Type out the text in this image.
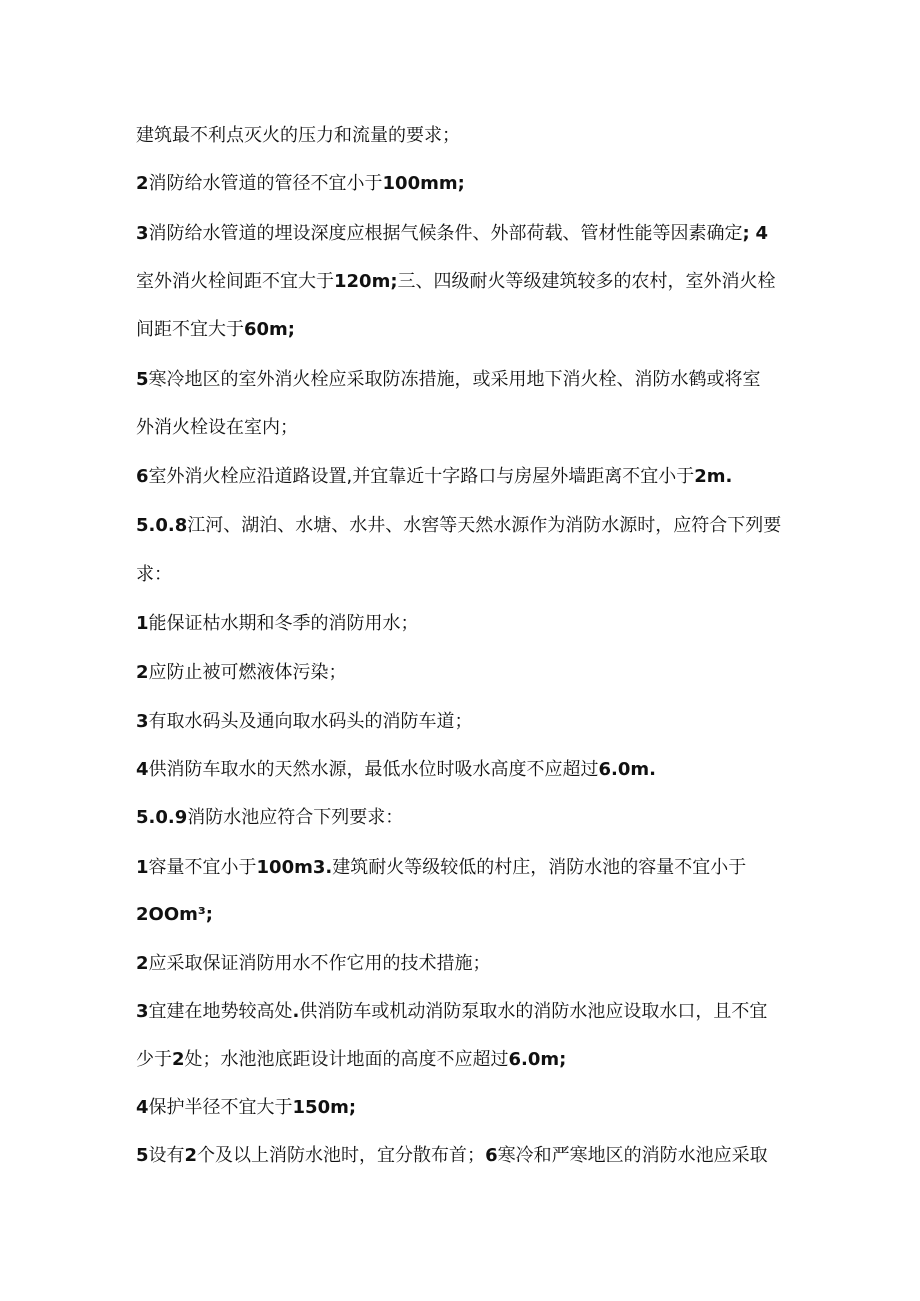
建筑最不利点灭火的压力和流量的要求；
2消防给水管道的管径不宜小于100mm;
3消防给水管道的埋设深度应根据气候条件、外部荷载、管材性能等因素确定; 4
室外消火栓间距不宜大于120m;三、四级耐火等级建筑较多的农村，室外消火栓
间距不宜大于60m;
5寒冷地区的室外消火栓应采取防冻措施，或采用地下消火栓、消防水鹤或将室
外消火栓设在室内；
6室外消火栓应沿道路设置,并宜靠近十字路口与房屋外墙距离不宜小于2m.
5.0.8江河、湖泊、水塘、水井、水窖等天然水源作为消防水源时，应符合下列要
求：
1能保证枯水期和冬季的消防用水；
2应防止被可燃液体污染；
3有取水码头及通向取水码头的消防车道；
4供消防车取水的天然水源，最低水位时吸水高度不应超过6.0m.
5.0.9消防水池应符合下列要求：
1容量不宜小于100m3.建筑耐火等级较低的村庄，消防水池的容量不宜小于
2OOm³;
2应采取保证消防用水不作它用的技术措施；
3宜建在地势较高处.供消防车或机动消防泵取水的消防水池应设取水口，且不宜
少于2处；水池池底距设计地面的高度不应超过6.0m;
4保护半径不宜大于150m;
5设有2个及以上消防水池时，宜分散布首；6寒冷和严寒地区的消防水池应采取
